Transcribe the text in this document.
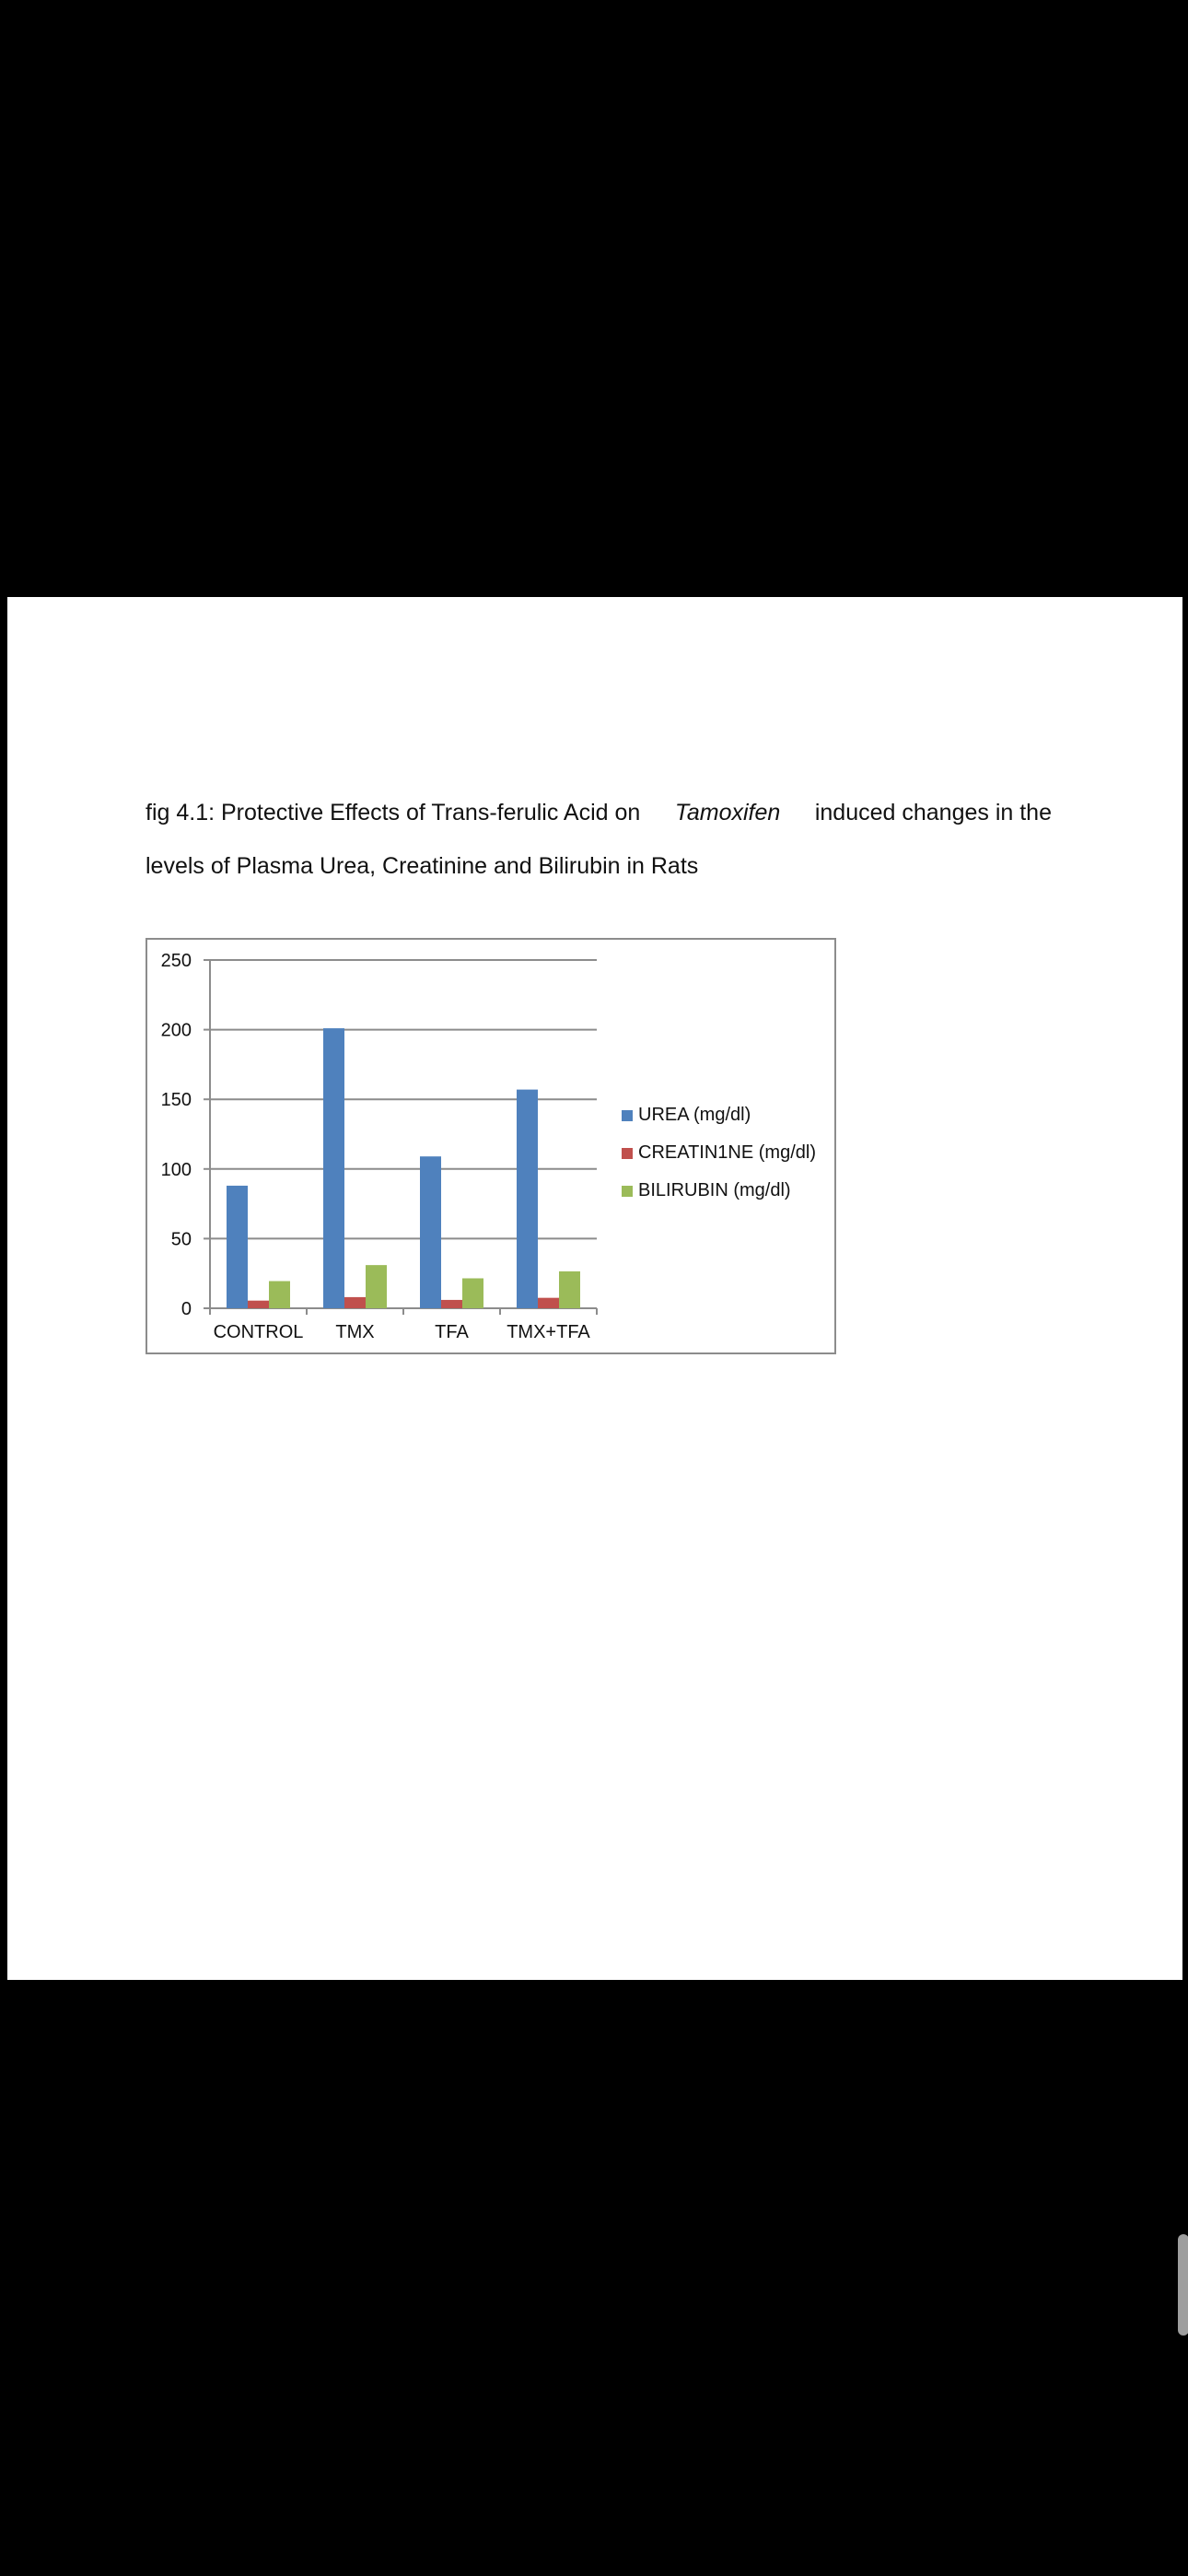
fig 4.1: Protective Effects of Trans-ferulic Acid on Tamoxifen induced changes in the
levels of Plasma Urea, Creatinine and Bilirubin in Rats
0
50
100
150
200
250
CONTROL TMX	TFA TMX+TFA
UREA (mg/dl)
CREATIN1NE (mg/dl)
BILIRUBIN (mg/dl)
